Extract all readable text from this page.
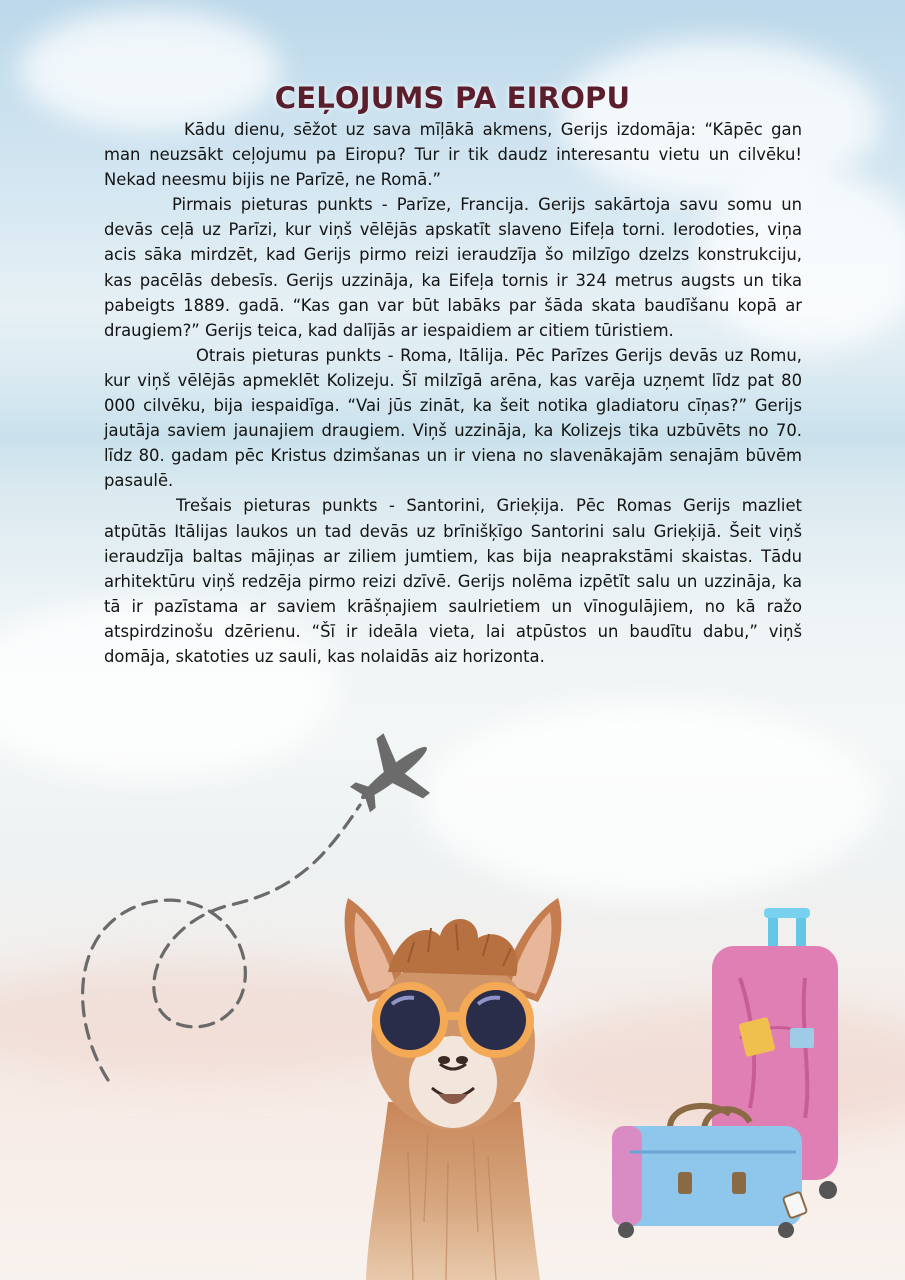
CEĻOJUMS PA EIROPU

Kādu dienu, sēžot uz sava mīļākā akmens, Gerijs izdomāja: “Kāpēc gan man neuzsākt ceļojumu pa Eiropu? Tur ir tik daudz interesantu vietu un cilvēku! Nekad neesmu bijis ne Parīzē, ne Romā.”

Pirmais pieturas punkts - Parīze, Francija. Gerijs sakārtoja savu somu un devās ceļā uz Parīzi, kur viņš vēlējās apskatīt slaveno Eifeļa torni. Ierodoties, viņa acis sāka mirdzēt, kad Gerijs pirmo reizi ieraudzīja šo milzīgo dzelzs konstrukciju, kas pacēlās debesīs. Gerijs uzzināja, ka Eifeļa tornis ir 324 metrus augsts un tika pabeigts 1889. gadā. “Kas gan var būt labāks par šāda skata baudīšanu kopā ar draugiem?” Gerijs teica, kad dalījās ar iespaidiem ar citiem tūristiem.

Otrais pieturas punkts - Roma, Itālija. Pēc Parīzes Gerijs devās uz Romu, kur viņš vēlējās apmeklēt Kolizeju. Šī milzīgā arēna, kas varēja uzņemt līdz pat 80 000 cilvēku, bija iespaidīga. “Vai jūs zināt, ka šeit notika gladiatoru cīņas?” Gerijs jautāja saviem jaunajiem draugiem. Viņš uzzināja, ka Kolizejs tika uzbūvēts no 70. līdz 80. gadam pēc Kristus dzimšanas un ir viena no slavenākajām senajām būvēm pasaulē.

Trešais pieturas punkts - Santorini, Grieķija. Pēc Romas Gerijs mazliet atpūtās Itālijas laukos un tad devās uz brīnišķīgo Santorini salu Grieķijā. Šeit viņš ieraudzīja baltas mājiņas ar ziliem jumtiem, kas bija neaprakstāmi skaistas. Tādu arhitektūru viņš redzēja pirmo reizi dzīvē. Gerijs nolēma izpētīt salu un uzzināja, ka tā ir pazīstama ar saviem krāšņajiem saulrietiem un vīnogulājiem, no kā ražo atspirdzinošu dzērienu. “Šī ir ideāla vieta, lai atpūstos un baudītu dabu,” viņš domāja, skatoties uz sauli, kas nolaidās aiz horizonta.
